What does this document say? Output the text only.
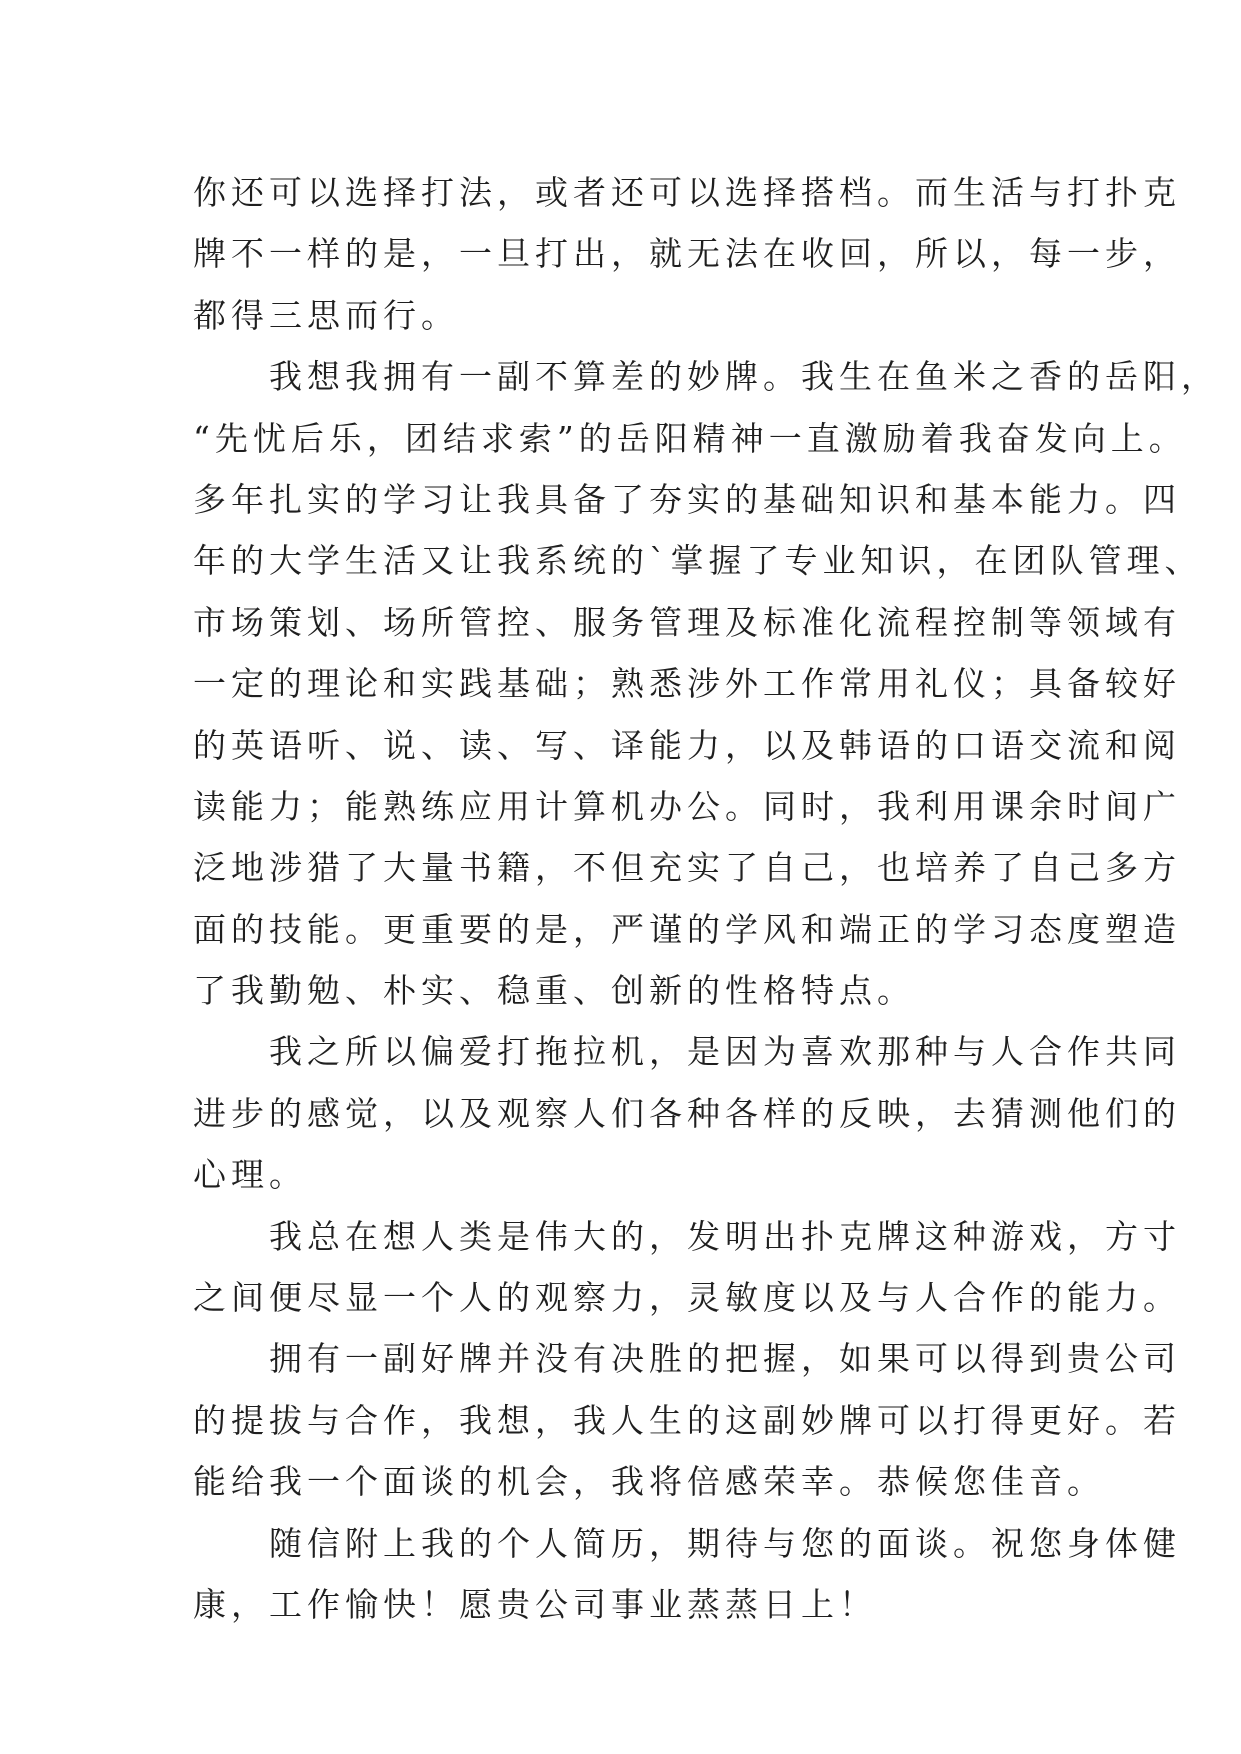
你还可以选择打法，或者还可以选择搭档。而生活与打扑克
牌不一样的是，一旦打出，就无法在收回，所以，每一步，
都得三思而行。
　　我想我拥有一副不算差的妙牌。我生在鱼米之香的岳阳，
“先忧后乐，团结求索”的岳阳精神一直激励着我奋发向上。
多年扎实的学习让我具备了夯实的基础知识和基本能力。四
年的大学生活又让我系统的`掌握了专业知识，在团队管理、
市场策划、场所管控、服务管理及标准化流程控制等领域有
一定的理论和实践基础；熟悉涉外工作常用礼仪；具备较好
的英语听、说、读、写、译能力，以及韩语的口语交流和阅
读能力；能熟练应用计算机办公。同时，我利用课余时间广
泛地涉猎了大量书籍，不但充实了自己，也培养了自己多方
面的技能。更重要的是，严谨的学风和端正的学习态度塑造
了我勤勉、朴实、稳重、创新的性格特点。
　　我之所以偏爱打拖拉机，是因为喜欢那种与人合作共同
进步的感觉，以及观察人们各种各样的反映，去猜测他们的
心理。
　　我总在想人类是伟大的，发明出扑克牌这种游戏，方寸
之间便尽显一个人的观察力，灵敏度以及与人合作的能力。
　　拥有一副好牌并没有决胜的把握，如果可以得到贵公司
的提拔与合作，我想，我人生的这副妙牌可以打得更好。若
能给我一个面谈的机会，我将倍感荣幸。恭候您佳音。
　　随信附上我的个人简历，期待与您的面谈。祝您身体健
康，工作愉快！愿贵公司事业蒸蒸日上！
